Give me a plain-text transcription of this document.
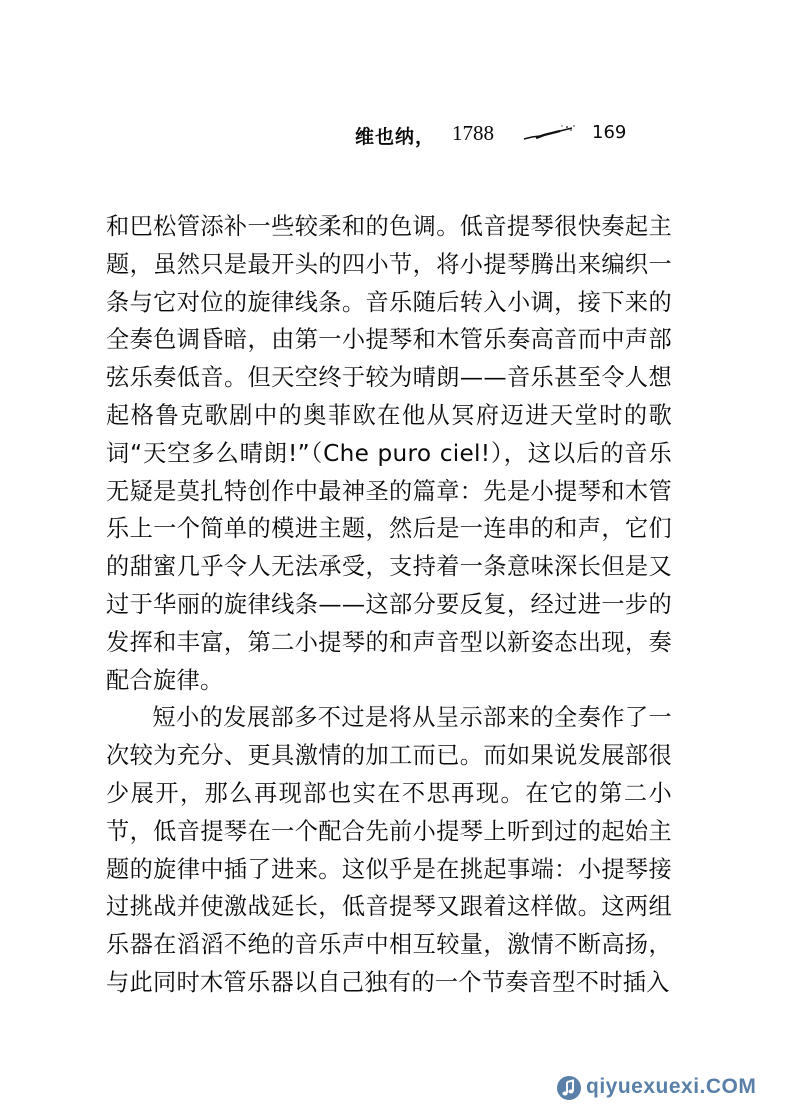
维也纳， 1788	169

和巴松管添补一些较柔和的色调。低音提琴很快奏起主题，虽然只是最开头的四小节，将小提琴腾出来编织一条与它对位的旋律线条。音乐随后转入小调，接下来的全奏色调昏暗，由第一小提琴和木管乐奏高音而中声部弦乐奏低音。但天空终于较为晴朗——音乐甚至令人想起格鲁克歌剧中的奥菲欧在他从冥府迈进天堂时的歌词“天空多么晴朗!”（Che puro ciel!），这以后的音乐无疑是莫扎特创作中最神圣的篇章：先是小提琴和木管乐上一个简单的模进主题，然后是一连串的和声，它们的甜蜜几乎令人无法承受，支持着一条意味深长但是又过于华丽的旋律线条——这部分要反复，经过进一步的发挥和丰富，第二小提琴的和声音型以新姿态出现，奏配合旋律。

短小的发展部多不过是将从呈示部来的全奏作了一次较为充分、更具激情的加工而已。而如果说发展部很少展开，那么再现部也实在不思再现。在它的第二小节，低音提琴在一个配合先前小提琴上听到过的起始主题的旋律中插了进来。这似乎是在挑起事端：小提琴接过挑战并使激战延长，低音提琴又跟着这样做。这两组乐器在滔滔不绝的音乐声中相互较量，激情不断高扬，与此同时木管乐器以自己独有的一个节奏音型不时插入

qiyuexuexi.COM
